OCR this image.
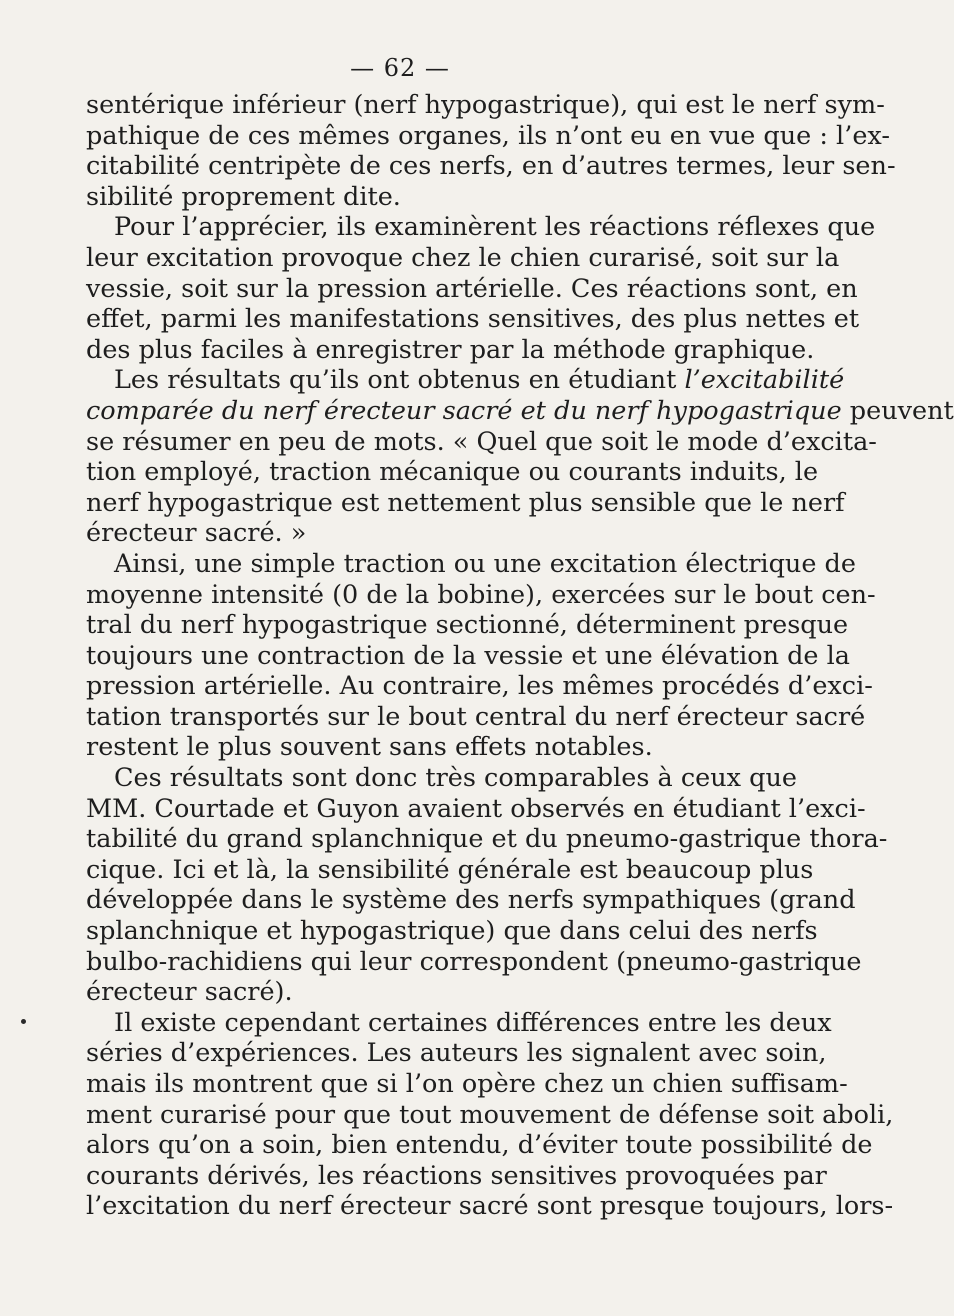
— 62 —
sentérique inférieur (nerf hypogastrique), qui est le nerf sym-
pathique de ces mêmes organes, ils n’ont eu en vue que : l’ex-
citabilité centripète de ces nerfs, en d’autres termes, leur sen-
sibilité proprement dite.
Pour l’apprécier, ils examinèrent les réactions réflexes que
leur excitation provoque chez le chien curarisé, soit sur la
vessie, soit sur la pression artérielle. Ces réactions sont, en
effet, parmi les manifestations sensitives, des plus nettes et
des plus faciles à enregistrer par la méthode graphique.
Les résultats qu’ils ont obtenus en étudiant l’excitabilité
comparée du nerf érecteur sacré et du nerf hypogastrique peuvent
se résumer en peu de mots. « Quel que soit le mode d’excita-
tion employé, traction mécanique ou courants induits, le
nerf hypogastrique est nettement plus sensible que le nerf
érecteur sacré. »
Ainsi, une simple traction ou une excitation électrique de
moyenne intensité (0 de la bobine), exercées sur le bout cen-
tral du nerf hypogastrique sectionné, déterminent presque
toujours une contraction de la vessie et une élévation de la
pression artérielle. Au contraire, les mêmes procédés d’exci-
tation transportés sur le bout central du nerf érecteur sacré
restent le plus souvent sans effets notables.
Ces résultats sont donc très comparables à ceux que
MM. Courtade et Guyon avaient observés en étudiant l’exci-
tabilité du grand splanchnique et du pneumo-gastrique thora-
cique. Ici et là, la sensibilité générale est beaucoup plus
développée dans le système des nerfs sympathiques (grand
splanchnique et hypogastrique) que dans celui des nerfs
bulbo-rachidiens qui leur correspondent (pneumo-gastrique
érecteur sacré).
Il existe cependant certaines différences entre les deux
séries d’expériences. Les auteurs les signalent avec soin,
mais ils montrent que si l’on opère chez un chien suffisam-
ment curarisé pour que tout mouvement de défense soit aboli,
alors qu’on a soin, bien entendu, d’éviter toute possibilité de
courants dérivés, les réactions sensitives provoquées par
l’excitation du nerf érecteur sacré sont presque toujours, lors-
